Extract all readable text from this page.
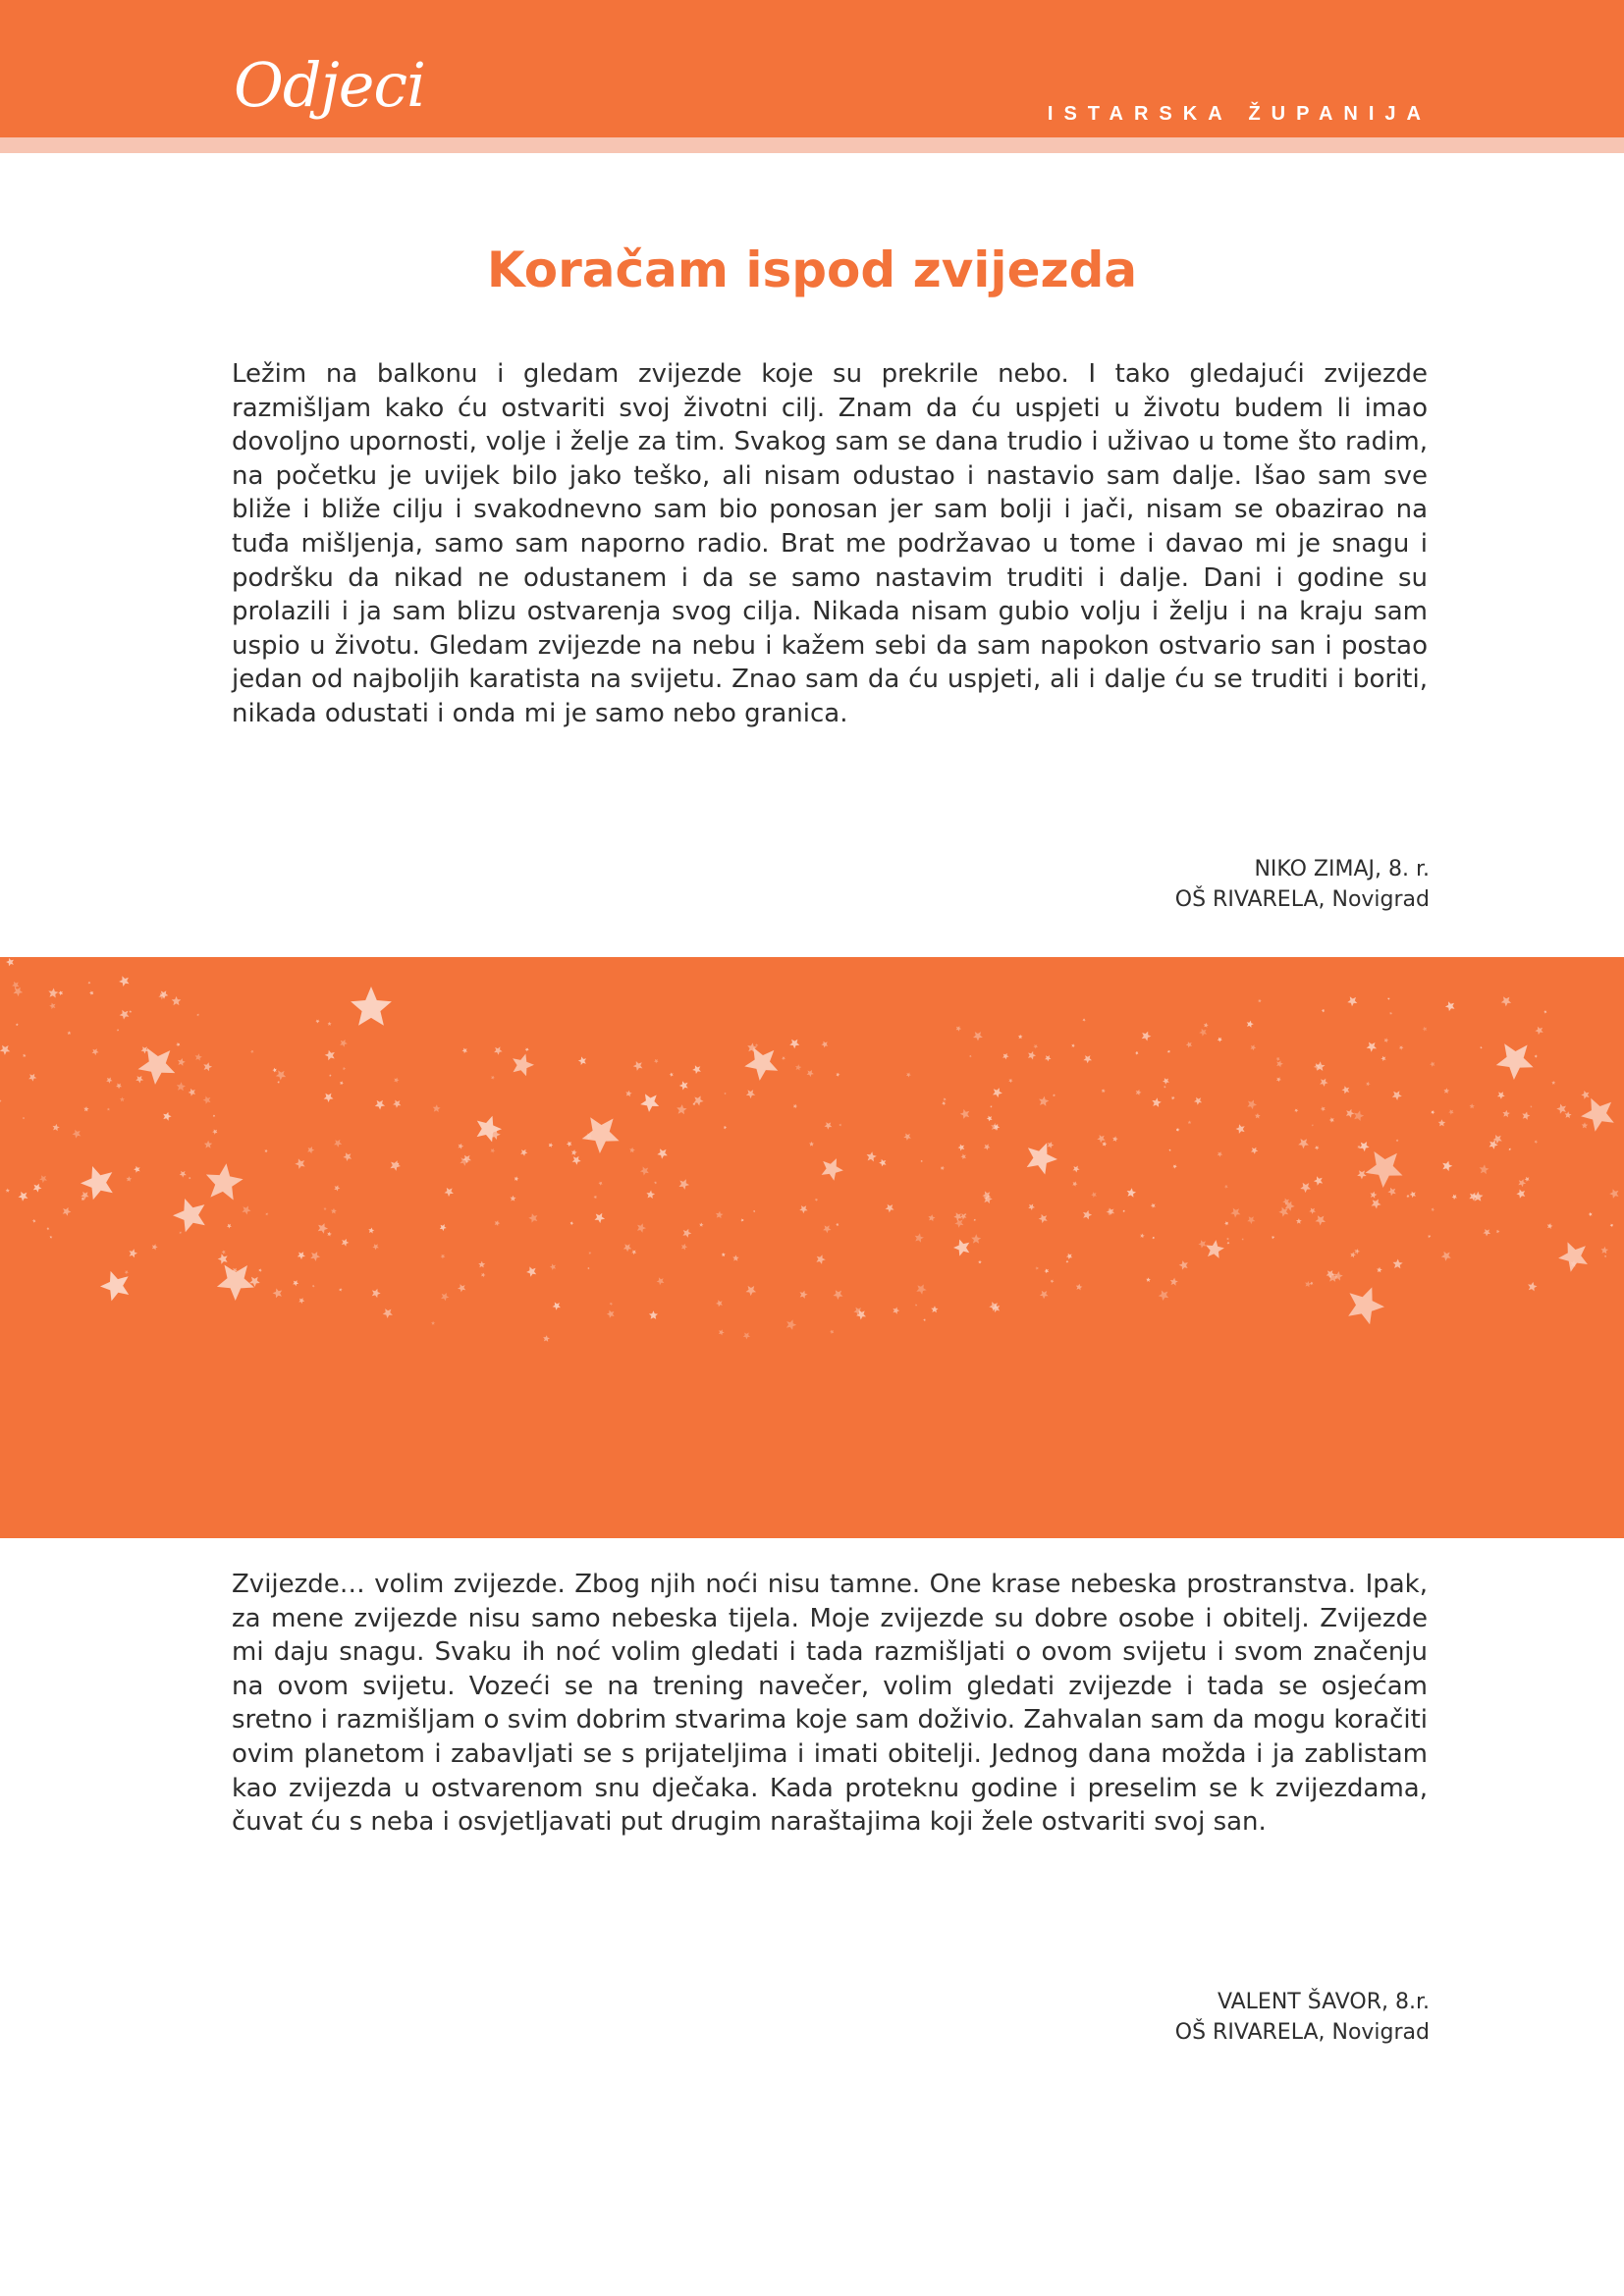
Odjeci	ISTARSKA ŽUPANIJA
Koračam ispod zvijezda

Ležim na balkonu i gledam zvijezde koje su prekrile nebo. I tako gledajući zvijezde razmišljam kako ću ostvariti svoj životni cilj. Znam da ću uspjeti u životu budem li imao dovoljno upornosti, volje i želje za tim. Svakog sam se dana trudio i uživao u tome što radim, na početku je uvijek bilo jako teško, ali nisam odustao i nastavio sam dalje. Išao sam sve bliže i bliže cilju i svakodnevno sam bio ponosan jer sam bolji i jači, nisam se obazirao na tuđa mišljenja, samo sam naporno radio. Brat me podržavao u tome i davao mi je snagu i podršku da nikad ne odustanem i da se samo nastavim truditi i dalje. Dani i godine su prolazili i ja sam blizu ostvarenja svog cilja. Nikada nisam gubio volju i želju i na kraju sam uspio u životu. Gledam zvijezde na nebu i kažem sebi da sam napokon ostvario san i postao jedan od najboljih karatista na svijetu. Znao sam da ću uspjeti, ali i dalje ću se truditi i boriti, nikada odustati i onda mi je samo nebo granica.

NIKO ZIMAJ, 8. r.
OŠ RIVARELA, Novigrad

Zvijezde… volim zvijezde. Zbog njih noći nisu tamne. One krase nebeska prostranstva. Ipak, za mene zvijezde nisu samo nebeska tijela. Moje zvijezde su dobre osobe i obitelj. Zvijezde mi daju snagu. Svaku ih noć volim gledati i tada razmišljati o ovom svijetu i svom značenju na ovom svijetu. Vozeći se na trening navečer, volim gledati zvijezde i tada se osjećam sretno i razmišljam o svim dobrim stvarima koje sam doživio. Zahvalan sam da mogu koračiti ovim planetom i zabavljati se s prijateljima i imati obitelji. Jednog dana možda i ja zablistam kao zvijezda u ostvarenom snu dječaka. Kada proteknu godine i preselim se k zvijezdama, čuvat ću s neba i osvjetljavati put drugim naraštajima koji žele ostvariti svoj san.

VALENT ŠAVOR, 8.r.
OŠ RIVARELA, Novigrad
